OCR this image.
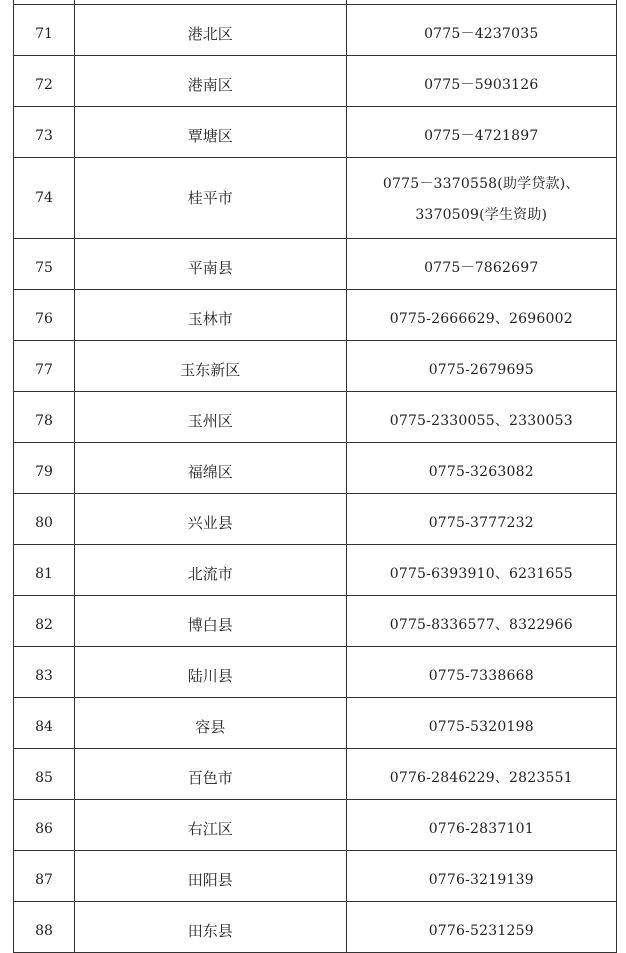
71	港北区	0775－4237035
72	港南区	0775－5903126
73	覃塘区	0775－4721897
74	桂平市	0775－3370558(助学贷款)、
3370509(学生资助)

75	平南县	0775－7862697
76	玉林市	0775-2666629、2696002
77	玉东新区	0775-2679695
78	玉州区	0775-2330055、2330053
79	福绵区	0775-3263082
80	兴业县	0775-3777232
81	北流市	0775-6393910、6231655
82	博白县	0775-8336577、8322966
83	陆川县	0775-7338668
84	容县	0775-5320198
85	百色市	0776-2846229、2823551
86	右江区	0776-2837101
87	田阳县	0776-3219139
88	田东县	0776-5231259
